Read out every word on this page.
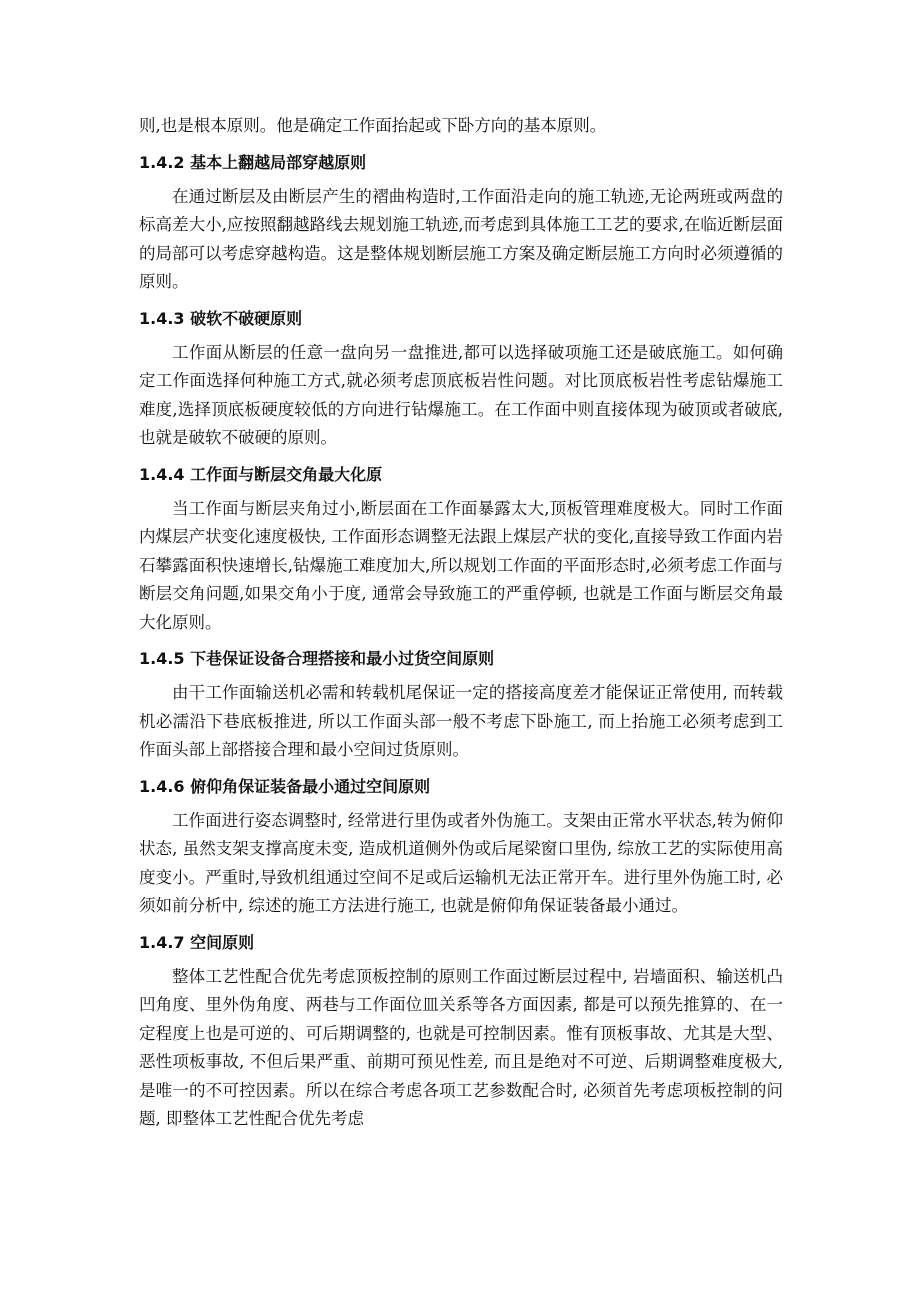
则,也是根本原则。他是确定工作面抬起或下卧方向的基本原则。

1.4.2 基本上翻越局部穿越原则

在通过断层及由断层产生的褶曲构造时,工作面沿走向的施工轨迹,无论两班或两盘的标高差大小,应按照翻越路线去规划施工轨迹,而考虑到具体施工工艺的要求,在临近断层面的局部可以考虑穿越构造。这是整体规划断层施工方案及确定断层施工方向时必须遵循的原则。

1.4.3 破软不破硬原则

工作面从断层的任意一盘向另一盘推进,都可以选择破项施工还是破底施工。如何确定工作面选择何种施工方式,就必须考虑顶底板岩性问题。对比顶底板岩性考虑钻爆施工难度,选择顶底板硬度较低的方向进行钻爆施工。在工作面中则直接体现为破顶或者破底,也就是破软不破硬的原则。

1.4.4 工作面与断层交角最大化原

当工作面与断层夹角过小,断层面在工作面暴露太大,顶板管理难度极大。同时工作面内煤层产状变化速度极快, 工作面形态调整无法跟上煤层产状的变化,直接导致工作面内岩石攀露面积快速增长,钻爆施工难度加大,所以规划工作面的平面形态时,必须考虑工作面与断层交角问题,如果交角小于度, 通常会导致施工的严重停顿, 也就是工作面与断层交角最大化原则。

1.4.5 下巷保证设备合理搭接和最小过货空间原则

由干工作面输送机必需和转载机尾保证一定的搭接高度差才能保证正常使用, 而转载机必濡沿下巷底板推进, 所以工作面头部一般不考虑下卧施工, 而上抬施工必须考虑到工作面头部上部搭接合理和最小空间过货原则。

1.4.6 俯仰角保证装备最小通过空间原则

工作面进行姿态调整时, 经常进行里伪或者外伪施工。支架由正常水平状态,转为俯仰状态, 虽然支架支撑高度未变, 造成机道侧外伪或后尾梁窗口里伪, 综放工艺的实际使用高度变小。严重时,导致机组通过空间不足或后运输机无法正常开车。进行里外伪施工时, 必须如前分析中, 综述的施工方法进行施工, 也就是俯仰角保证装备最小通过。

1.4.7 空间原则

整体工艺性配合优先考虑顶板控制的原则工作面过断层过程中, 岩墙面积、输送机凸凹角度、里外伪角度、两巷与工作面位皿关系等各方面因素, 都是可以预先推算的、在一定程度上也是可逆的、可后期调整的, 也就是可控制因素。惟有顶板事故、尤其是大型、恶性项板事故, 不但后果严重、前期可预见性差, 而且是绝对不可逆、后期调整难度极大, 是唯一的不可控因素。所以在综合考虑各项工艺参数配合时, 必须首先考虑项板控制的问题, 即整体工艺性配合优先考虑
